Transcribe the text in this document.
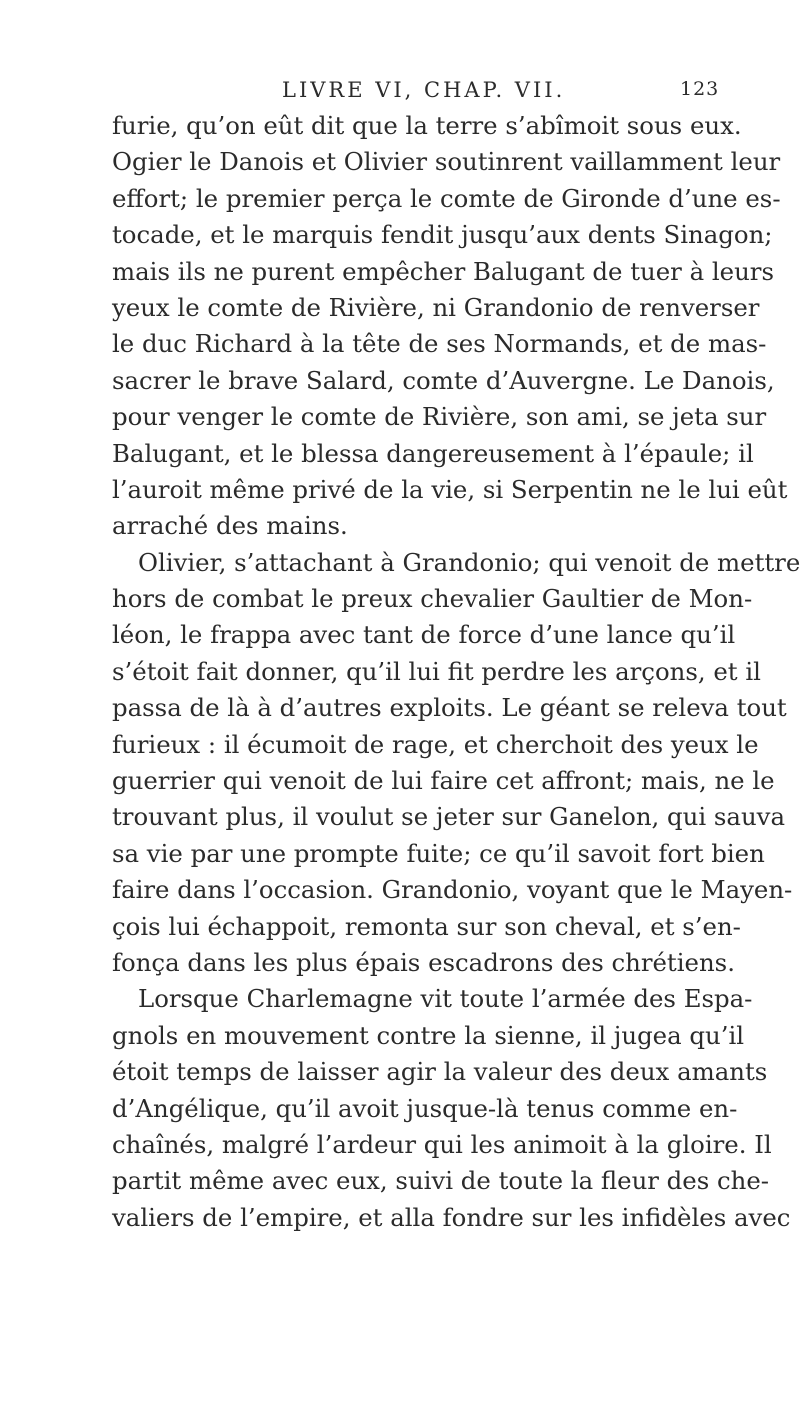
LIVRE VI, CHAP. VII.	123
furie, qu’on eût dit que la terre s’abîmoit sous eux.
Ogier le Danois et Olivier soutinrent vaillamment leur
effort; le premier perça le comte de Gironde d’une es-
tocade, et le marquis fendit jusqu’aux dents Sinagon;
mais ils ne purent empêcher Balugant de tuer à leurs
yeux le comte de Rivière, ni Grandonio de renverser
le duc Richard à la tête de ses Normands, et de mas-
sacrer le brave Salard, comte d’Auvergne. Le Danois,
pour venger le comte de Rivière, son ami, se jeta sur
Balugant, et le blessa dangereusement à l’épaule; il
l’auroit même privé de la vie, si Serpentin ne le lui eût
arraché des mains.
Olivier, s’attachant à Grandonio; qui venoit de mettre
hors de combat le preux chevalier Gaultier de Mon-
léon, le frappa avec tant de force d’une lance qu’il
s’étoit fait donner, qu’il lui fit perdre les arçons, et il
passa de là à d’autres exploits. Le géant se releva tout
furieux : il écumoit de rage, et cherchoit des yeux le
guerrier qui venoit de lui faire cet affront; mais, ne le
trouvant plus, il voulut se jeter sur Ganelon, qui sauva
sa vie par une prompte fuite; ce qu’il savoit fort bien
faire dans l’occasion. Grandonio, voyant que le Mayen-
çois lui échappoit, remonta sur son cheval, et s’en-
fonça dans les plus épais escadrons des chrétiens.
Lorsque Charlemagne vit toute l’armée des Espa-
gnols en mouvement contre la sienne, il jugea qu’il
étoit temps de laisser agir la valeur des deux amants
d’Angélique, qu’il avoit jusque-là tenus comme en-
chaînés, malgré l’ardeur qui les animoit à la gloire. Il
partit même avec eux, suivi de toute la fleur des che-
valiers de l’empire, et alla fondre sur les infidèles avec
